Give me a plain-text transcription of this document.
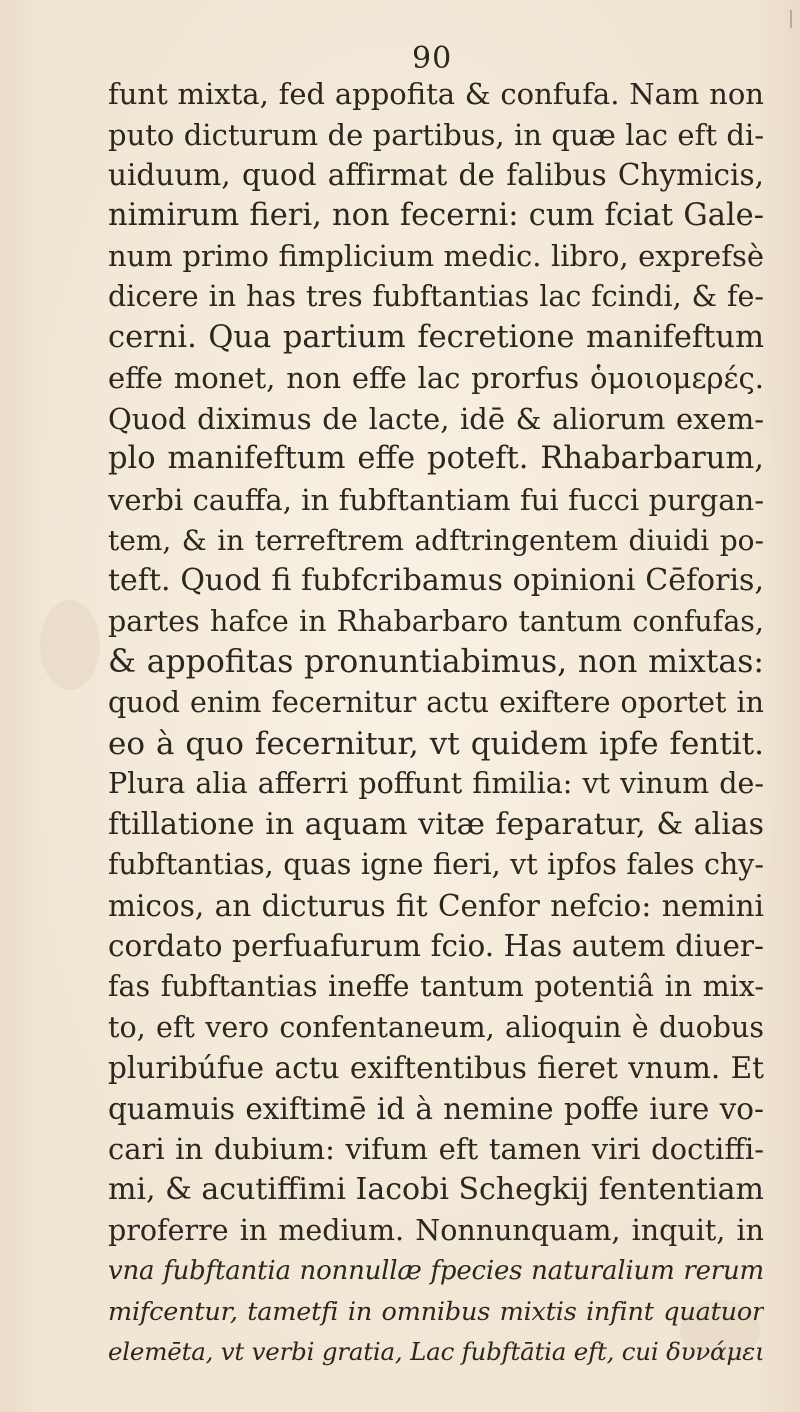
90
funt mixta, fed appofita & confufa. Nam non
puto dicturum de partibus, in quæ lac eft di-
uiduum, quod affirmat de falibus Chymicis,
nimirum fieri, non fecerni: cum fciat Gale-
num primo fimplicium medic. libro, exprefsè
dicere in has tres fubftantias lac fcindi, & fe-
cerni. Qua partium fecretione manifeftum
effe monet, non effe lac prorfus ὁμοιομερές.
Quod diximus de lacte, idē & aliorum exem-
plo manifeftum effe poteft. Rhabarbarum,
verbi cauffa, in fubftantiam fui fucci purgan-
tem, & in terreftrem adftringentem diuidi po-
teft. Quod fi fubfcribamus opinioni Cēforis,
partes hafce in Rhabarbaro tantum confufas,
& appofitas pronuntiabimus, non mixtas:
quod enim fecernitur actu exiftere oportet in
eo à quo fecernitur, vt quidem ipfe fentit.
Plura alia afferri poffunt fimilia: vt vinum de-
ftillatione in aquam vitæ feparatur, & alias
fubftantias, quas igne fieri, vt ipfos fales chy-
micos, an dicturus fit Cenfor nefcio: nemini
cordato perfuafurum fcio. Has autem diuer-
fas fubftantias ineffe tantum potentiâ in mix-
to, eft vero confentaneum, alioquin è duobus
pluribúfue actu exiftentibus fieret vnum. Et
quamuis exiftimē id à nemine poffe iure vo-
cari in dubium: vifum eft tamen viri doctiffi-
mi, & acutiffimi Iacobi Schegkij fententiam
proferre in medium. Nonnunquam, inquit, in
vna fubftantia nonnullæ fpecies naturalium rerum
mifcentur, tametfi in omnibus mixtis infint quatuor
elemēta, vt verbi gratia, Lac fubftātia eft, cui δυνάμει
